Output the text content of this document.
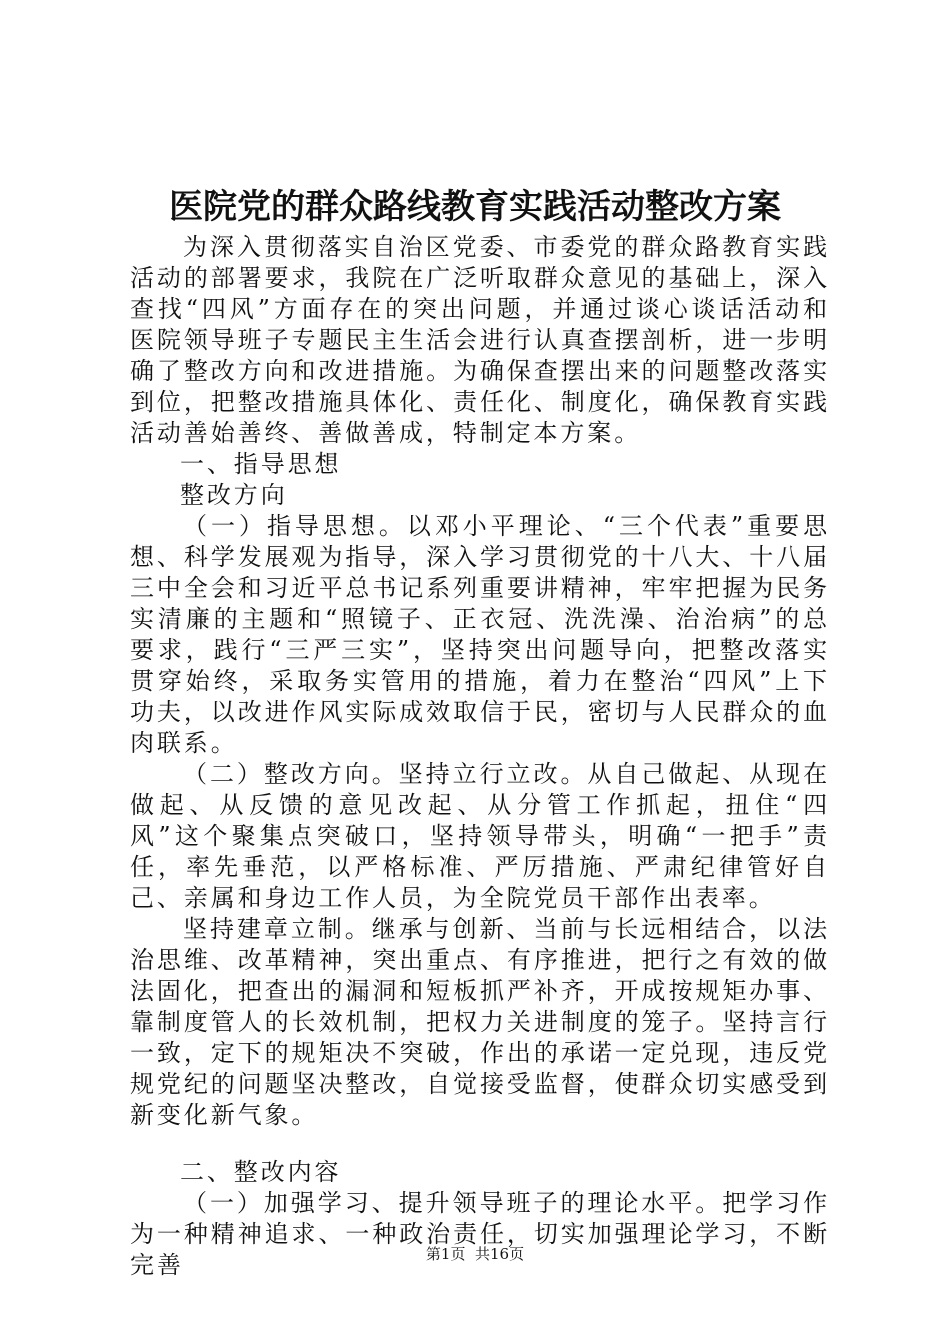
医院党的群众路线教育实践活动整改方案

为深入贯彻落实自治区党委、市委党的群众路教育实践活动的部署要求，我院在广泛听取群众意见的基础上，深入查找“四风”方面存在的突出问题，并通过谈心谈话活动和医院领导班子专题民主生活会进行认真查摆剖析，进一步明确了整改方向和改进措施。为确保查摆出来的问题整改落实到位，把整改措施具体化、责任化、制度化，确保教育实践活动善始善终、善做善成，特制定本方案。

一、指导思想

整改方向

（一）指导思想。以邓小平理论、“三个代表”重要思想、科学发展观为指导，深入学习贯彻党的十八大、十八届三中全会和习近平总书记系列重要讲精神，牢牢把握为民务实清廉的主题和“照镜子、正衣冠、洗洗澡、治治病”的总要求，践行“三严三实”，坚持突出问题导向，把整改落实贯穿始终，采取务实管用的措施，着力在整治“四风”上下功夫，以改进作风实际成效取信于民，密切与人民群众的血肉联系。

（二）整改方向。坚持立行立改。从自己做起、从现在做起、从反馈的意见改起、从分管工作抓起，扭住“四风”这个聚集点突破口，坚持领导带头，明确“一把手”责任，率先垂范，以严格标准、严厉措施、严肃纪律管好自己、亲属和身边工作人员，为全院党员干部作出表率。

坚持建章立制。继承与创新、当前与长远相结合，以法治思维、改革精神，突出重点、有序推进，把行之有效的做法固化，把查出的漏洞和短板抓严补齐，开成按规矩办事、靠制度管人的长效机制，把权力关进制度的笼子。坚持言行一致，定下的规矩决不突破，作出的承诺一定兑现，违反党规党纪的问题坚决整改，自觉接受监督，使群众切实感受到新变化新气象。

二、整改内容

（一）加强学习、提升领导班子的理论水平。把学习作为一种精神追求、一种政治责任，切实加强理论学习，不断完善	第1页  共16页
